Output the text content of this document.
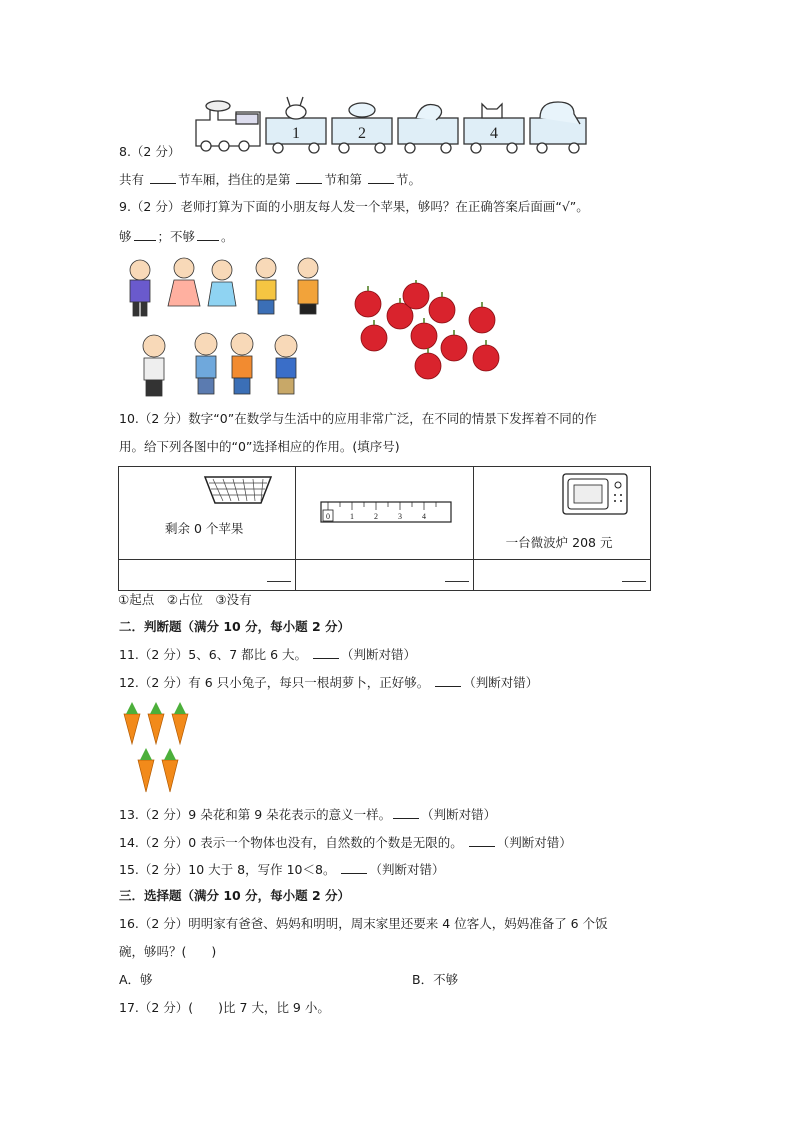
1	2	4
8.（2 分）
共有 节车厢，挡住的是第 节和第 节。
9.（2 分）老师打算为下面的小朋友每人发一个苹果，够吗？在正确答案后面画“√”。
够 ；不够 。
10.（2 分）数字“0”在数学与生活中的应用非常广泛，在不同的情景下发挥着不同的作
用。给下列各图中的“0”选择相应的作用。(填序号)
剩余 0 个苹果	0 1 2 3 4	一台微波炉 208 元

①起点　②占位　③没有
二．判断题（满分 10 分，每小题 2 分）
11.（2 分）5、6、7 都比 6 大。	（判断对错）
12.（2 分）有 6 只小兔子，每只一根胡萝卜，正好够。	（判断对错）
13.（2 分）9 朵花和第 9 朵花表示的意义一样。 （判断对错）
14.（2 分）0 表示一个物体也没有，自然数的个数是无限的。	（判断对错）
15.（2 分）10 大于 8，写作 10＜8。	（判断对错）
三．选择题（满分 10 分，每小题 2 分）
16.（2 分）明明家有爸爸、妈妈和明明，周末家里还要来 4 位客人，妈妈准备了 6 个饭
碗，够吗？(　　)
A．够	B．不够
17.（2 分）(　　)比 7 大，比 9 小。
